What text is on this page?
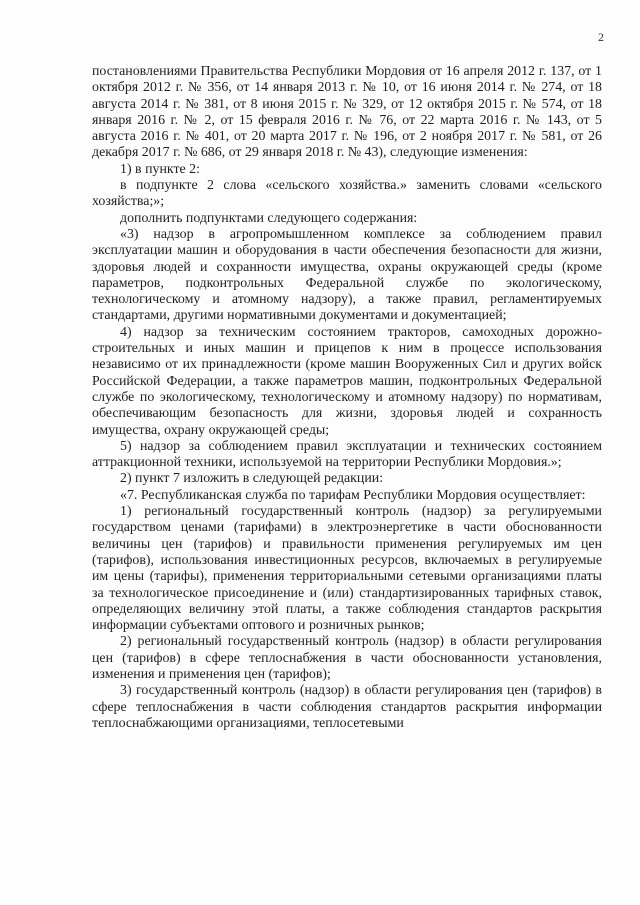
2

постановлениями Правительства Республики Мордовия от 16 апреля 2012 г. 137, от 1 октября 2012 г. № 356, от 14 января 2013 г. № 10, от 16 июня 2014 г. № 274, от 18 августа 2014 г. № 381, от 8 июня 2015 г. № 329, от 12 октября 2015 г. № 574, от 18 января 2016 г. № 2, от 15 февраля 2016 г. № 76, от 22 марта 2016 г. № 143, от 5 августа 2016 г. № 401, от 20 марта 2017 г. № 196, от 2 ноября 2017 г. № 581, от 26 декабря 2017 г. № 686, от 29 января 2018 г. № 43), следующие изменения:

1) в пункте 2:

в подпункте 2 слова «сельского хозяйства.» заменить словами «сельского хозяйства;»;

дополнить подпунктами следующего содержания:

«3) надзор в агропромышленном комплексе за соблюдением правил эксплуатации машин и оборудования в части обеспечения безопасности для жизни, здоровья людей и сохранности имущества, охраны окружающей среды (кроме параметров, подконтрольных Федеральной службе по экологическому, технологическому и атомному надзору), а также правил, регламентируемых стандартами, другими нормативными документами и документацией;

4) надзор за техническим состоянием тракторов, самоходных дорожно-строительных и иных машин и прицепов к ним в процессе использования независимо от их принадлежности (кроме машин Вооруженных Сил и других войск Российской Федерации, а также параметров машин, подконтрольных Федеральной службе по экологическому, технологическому и атомному надзору) по нормативам, обеспечивающим безопасность для жизни, здоровья людей и сохранность имущества, охрану окружающей среды;

5) надзор за соблюдением правил эксплуатации и технических состоянием аттракционной техники, используемой на территории Республики Мордовия.»;

2) пункт 7 изложить в следующей редакции:

«7. Республиканская служба по тарифам Республики Мордовия осуществляет:

1) региональный государственный контроль (надзор) за регулируемыми государством ценами (тарифами) в электроэнергетике в части обоснованности величины цен (тарифов) и правильности применения регулируемых им цен (тарифов), использования инвестиционных ресурсов, включаемых в регулируемые им цены (тарифы), применения территориальными сетевыми организациями платы за технологическое присоединение и (или) стандартизированных тарифных ставок, определяющих величину этой платы, а также соблюдения стандартов раскрытия информации субъектами оптового и розничных рынков;

2) региональный государственный контроль (надзор) в области регулирования цен (тарифов) в сфере теплоснабжения в части обоснованности установления, изменения и применения цен (тарифов);

3) государственный контроль (надзор) в области регулирования цен (тарифов) в сфере теплоснабжения в части соблюдения стандартов раскрытия информации теплоснабжающими организациями, теплосетевыми
